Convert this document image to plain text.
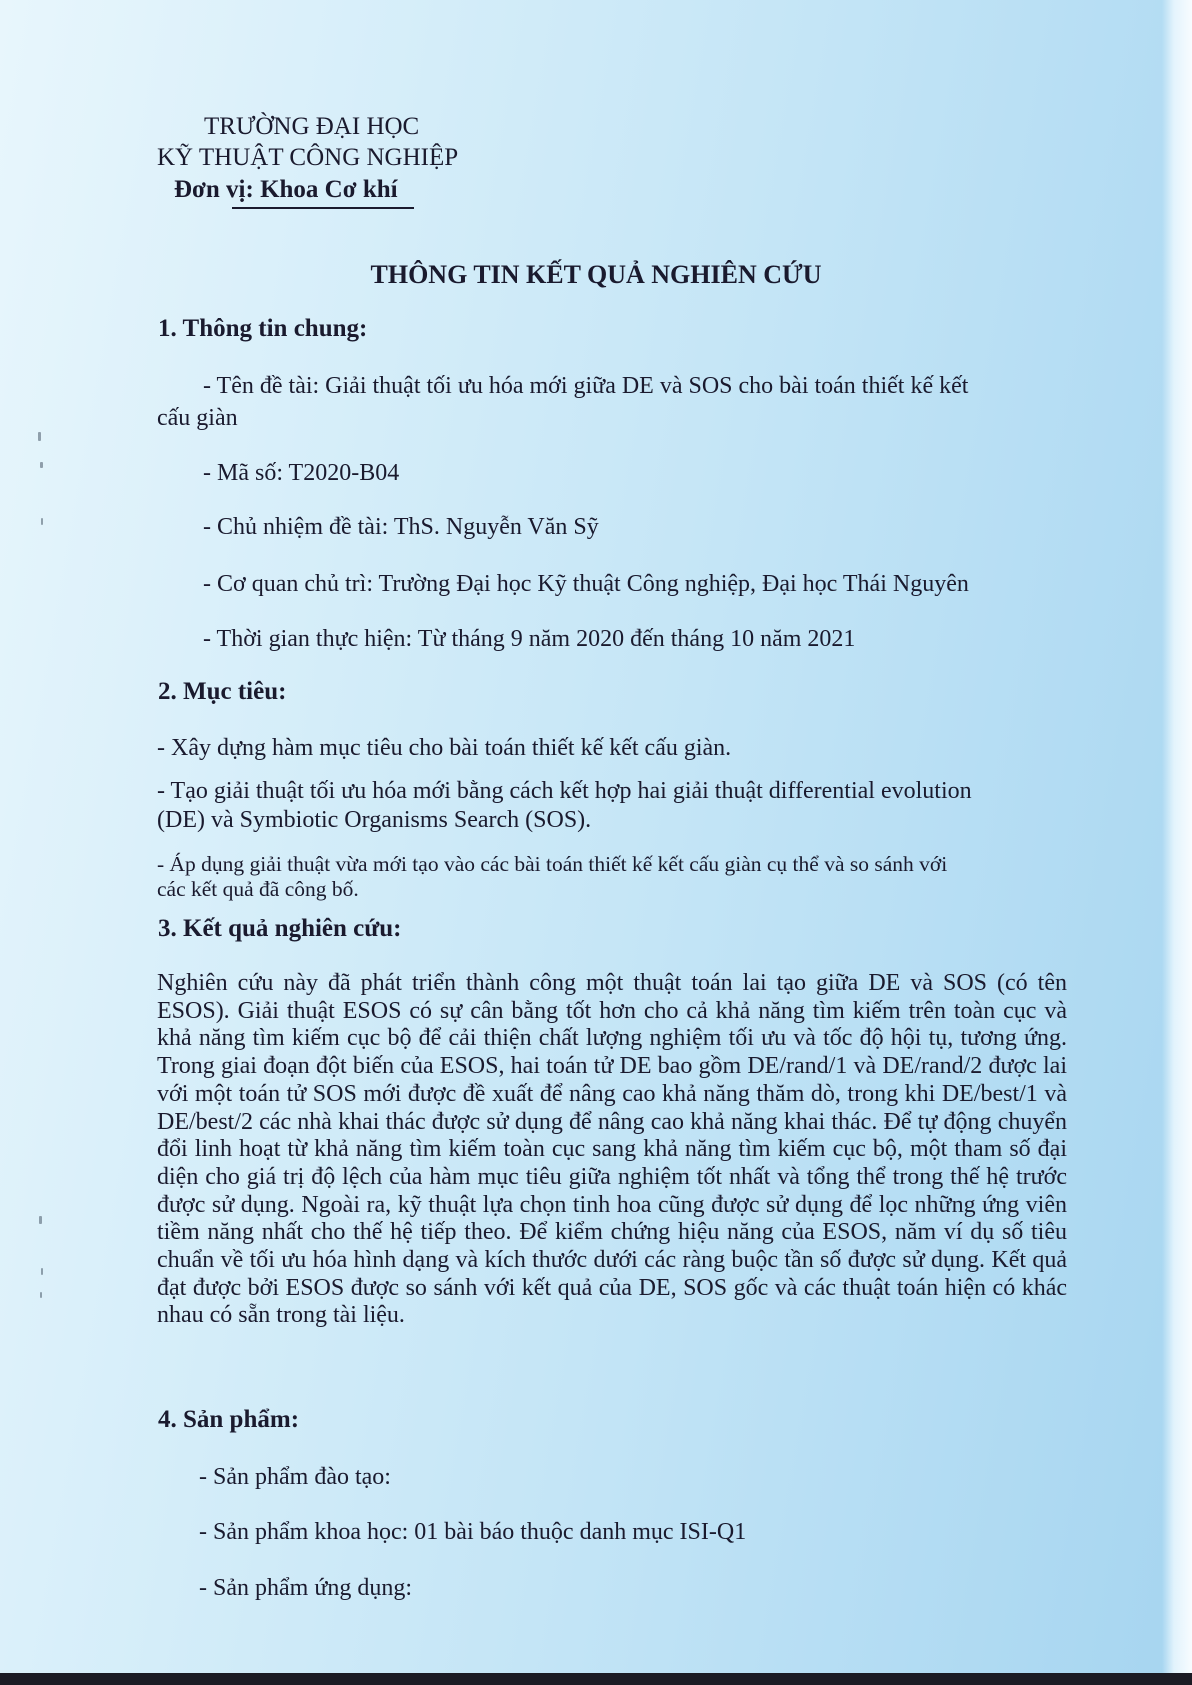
TRƯỜNG ĐẠI HỌC

KỸ THUẬT CÔNG NGHIỆP

Đơn vị: Khoa Cơ khí

THÔNG TIN KẾT QUẢ NGHIÊN CỨU

1. Thông tin chung:

- Tên đề tài: Giải thuật tối ưu hóa mới giữa DE và SOS cho bài toán thiết kế kết

cấu giàn

- Mã số: T2020-B04

- Chủ nhiệm đề tài: ThS. Nguyễn Văn Sỹ

- Cơ quan chủ trì: Trường Đại học Kỹ thuật Công nghiệp, Đại học Thái Nguyên

- Thời gian thực hiện: Từ tháng 9 năm 2020 đến tháng 10 năm 2021

2. Mục tiêu:

- Xây dựng hàm mục tiêu cho bài toán thiết kế kết cấu giàn.

- Tạo giải thuật tối ưu hóa mới bằng cách kết hợp hai giải thuật differential evolution

(DE) và Symbiotic Organisms Search (SOS).

- Áp dụng giải thuật vừa mới tạo vào các bài toán thiết kế kết cấu giàn cụ thể và so sánh với

các kết quả đã công bố.

3. Kết quả nghiên cứu:

Nghiên cứu này đã phát triển thành công một thuật toán lai tạo giữa DE và SOS (có tên ESOS). Giải thuật ESOS có sự cân bằng tốt hơn cho cả khả năng tìm kiếm trên toàn cục và khả năng tìm kiếm cục bộ để cải thiện chất lượng nghiệm tối ưu và tốc độ hội tụ, tương ứng. Trong giai đoạn đột biến của ESOS, hai toán tử DE bao gồm DE/rand/1 và DE/rand/2 được lai với một toán tử SOS mới được đề xuất để nâng cao khả năng thăm dò, trong khi DE/best/1 và DE/best/2 các nhà khai thác được sử dụng để nâng cao khả năng khai thác. Để tự động chuyển đổi linh hoạt từ khả năng tìm kiếm toàn cục sang khả năng tìm kiếm cục bộ, một tham số đại diện cho giá trị độ lệch của hàm mục tiêu giữa nghiệm tốt nhất và tổng thể trong thế hệ trước được sử dụng. Ngoài ra, kỹ thuật lựa chọn tinh hoa cũng được sử dụng để lọc những ứng viên tiềm năng nhất cho thế hệ tiếp theo. Để kiểm chứng hiệu năng của ESOS, năm ví dụ số tiêu chuẩn về tối ưu hóa hình dạng và kích thước dưới các ràng buộc tần số được sử dụng. Kết quả đạt được bởi ESOS được so sánh với kết quả của DE, SOS gốc và các thuật toán hiện có khác nhau có sẵn trong tài liệu.

4. Sản phẩm:

- Sản phẩm đào tạo:

- Sản phẩm khoa học: 01 bài báo thuộc danh mục ISI-Q1

- Sản phẩm ứng dụng:
